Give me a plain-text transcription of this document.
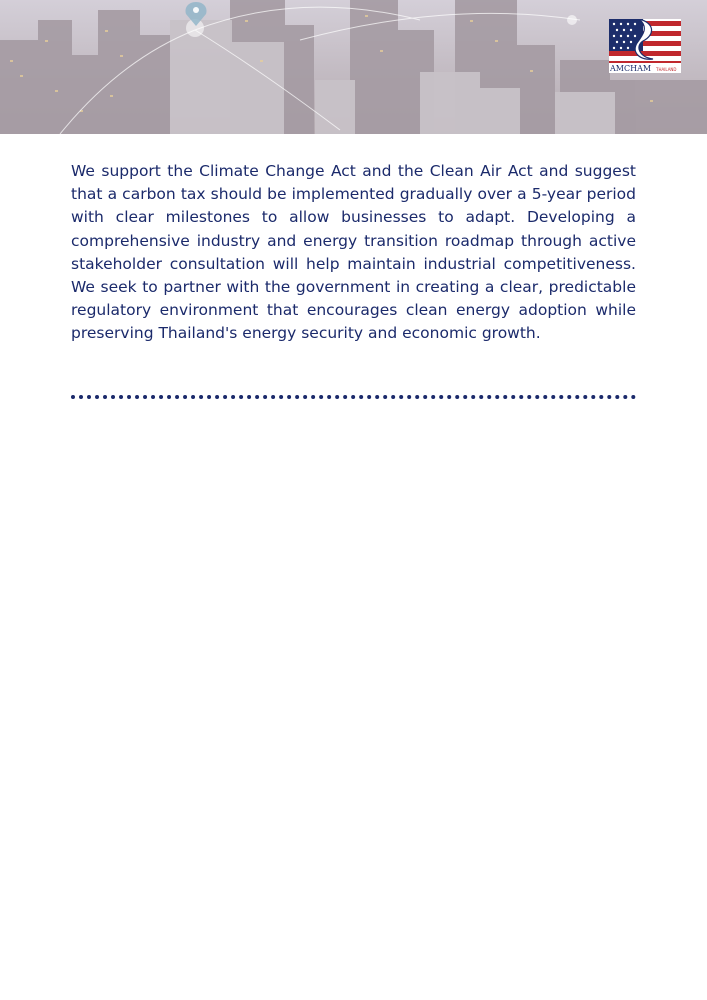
AMCHAM THAILAND

We support the Climate Change Act and the Clean Air Act and suggest that a carbon tax should be implemented gradually over a 5-year period with clear milestones to allow businesses to adapt. Developing a comprehensive industry and energy transition roadmap through active stakeholder consultation will help maintain industrial competitiveness. We seek to partner with the government in creating a clear, predictable regulatory environment that encourages clean energy adoption while preserving Thailand's energy security and economic growth.
